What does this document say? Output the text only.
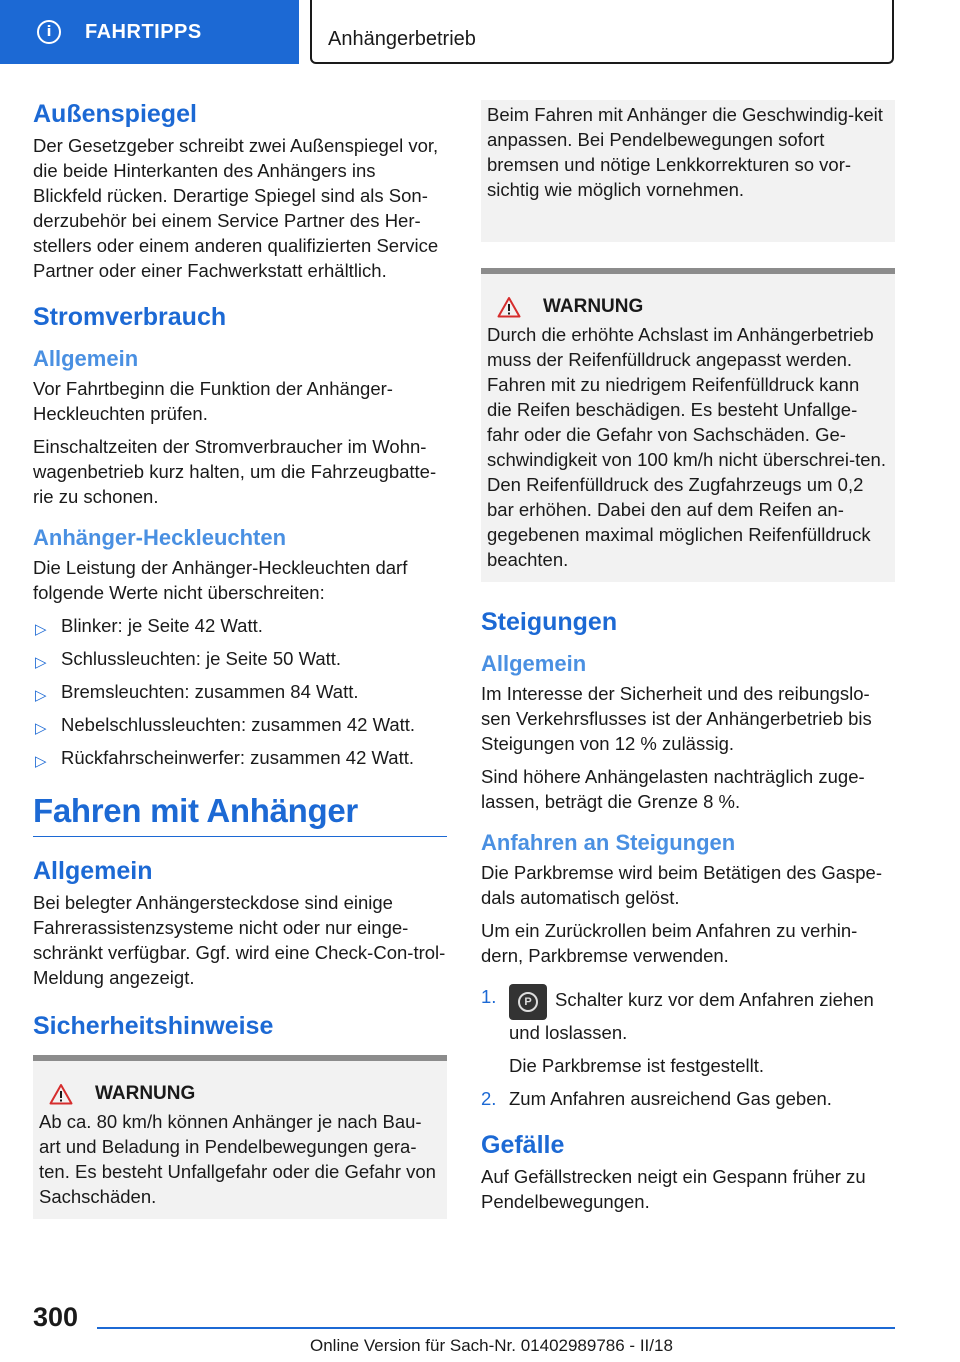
i	FAHRTIPPS	Anhängerbetrieb
Außenspiegel

Der Gesetzgeber schreibt zwei Außenspiegel vor, die beide Hinterkanten des Anhängers ins Blickfeld rücken. Derartige Spiegel sind als Son-derzubehör bei einem Service Partner des Her-stellers oder einem anderen qualifizierten Service Partner oder einer Fachwerkstatt erhältlich.

Stromverbrauch
Allgemein

Vor Fahrtbeginn die Funktion der Anhänger-Heckleuchten prüfen.

Einschaltzeiten der Stromverbraucher im Wohn-wagenbetrieb kurz halten, um die Fahrzeugbatte-rie zu schonen.

Anhänger-Heckleuchten

Die Leistung der Anhänger-Heckleuchten darf folgende Werte nicht überschreiten:

▷ Blinker: je Seite 42 Watt.
▷ Schlussleuchten: je Seite 50 Watt.
▷ Bremsleuchten: zusammen 84 Watt.
▷ Nebelschlussleuchten: zusammen 42 Watt.
▷ Rückfahrscheinwerfer: zusammen 42 Watt.
Fahren mit Anhänger
Allgemein

Bei belegter Anhängersteckdose sind einige Fahrerassistenzsysteme nicht oder nur einge-schränkt verfügbar. Ggf. wird eine Check-Con-trol-Meldung angezeigt.

Sicherheitshinweise
WARNUNG

Ab ca. 80 km/h können Anhänger je nach Bau-art und Beladung in Pendelbewegungen gera-ten. Es besteht Unfallgefahr oder die Gefahr von Sachschäden.

Beim Fahren mit Anhänger die Geschwindig-keit anpassen. Bei Pendelbewegungen sofort bremsen und nötige Lenkkorrekturen so vor-sichtig wie möglich vornehmen.

WARNUNG

Durch die erhöhte Achslast im Anhängerbetrieb muss der Reifenfülldruck angepasst werden. Fahren mit zu niedrigem Reifenfülldruck kann die Reifen beschädigen. Es besteht Unfallge-fahr oder die Gefahr von Sachschäden. Ge-schwindigkeit von 100 km/h nicht überschrei-ten. Den Reifenfülldruck des Zugfahrzeugs um 0,2 bar erhöhen. Dabei den auf dem Reifen an-gegebenen maximal möglichen Reifenfülldruck beachten.

Steigungen
Allgemein

Im Interesse der Sicherheit und des reibungslo-sen Verkehrsflusses ist der Anhängerbetrieb bis Steigungen von 12 % zulässig.

Sind höhere Anhängelasten nachträglich zuge-lassen, beträgt die Grenze 8 %.

Anfahren an Steigungen

Die Parkbremse wird beim Betätigen des Gaspe-dals automatisch gelöst.

Um ein Zurückrollen beim Anfahren zu verhin-dern, Parkbremse verwenden.

1.	P	Schalter kurz vor dem Anfahren ziehen und loslassen.
Die Parkbremse ist festgestellt.
2. Zum Anfahren ausreichend Gas geben.
Gefälle

Auf Gefällstrecken neigt ein Gespann früher zu Pendelbewegungen.

300
Online Version für Sach-Nr. 01402989786 - II/18
